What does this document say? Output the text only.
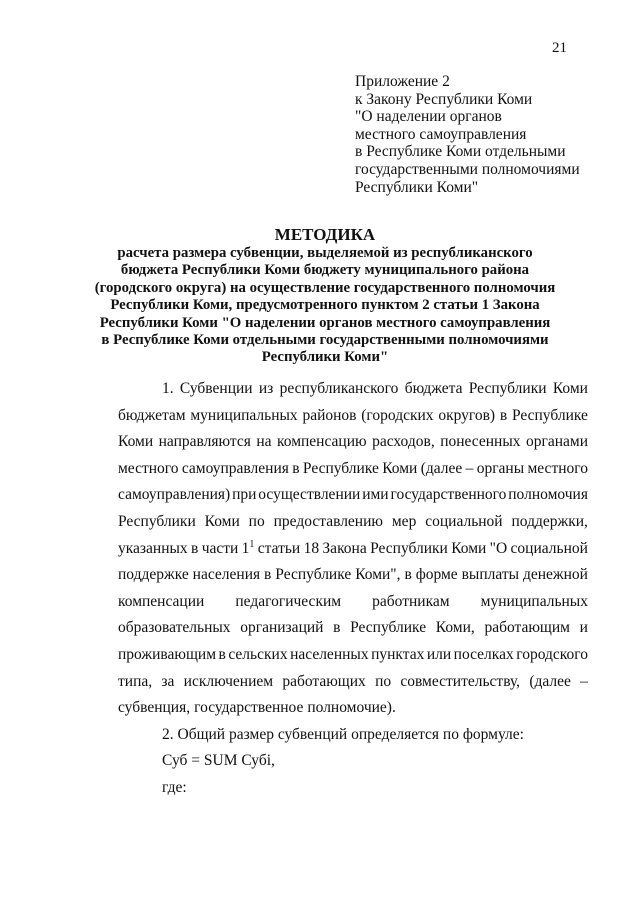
21
Приложение 2
к Закону Республики Коми
"О наделении органов
местного самоуправления
в Республике Коми отдельными
государственными полномочиями
Республики Коми"
МЕТОДИКА
расчета размера субвенции, выделяемой из республиканского
бюджета Республики Коми бюджету муниципального района
(городского округа) на осуществление государственного полномочия
Республики Коми, предусмотренного пунктом 2 статьи 1 Закона
Республики Коми "О наделении органов местного самоуправления
в Республике Коми отдельными государственными полномочиями
Республики Коми"
1. Субвенции из республиканского бюджета Республики Коми
бюджетам муниципальных районов (городских округов) в Республике
Коми направляются на компенсацию расходов, понесенных органами
местного самоуправления в Республике Коми (далее – органы местного
самоуправления) при осуществлении ими государственного полномочия
Республики Коми по предоставлению мер социальной поддержки,
указанных в части $1^1$ статьи 18 Закона Республики Коми "О социальной
поддержке населения в Республике Коми", в форме выплаты денежной
компенсации педагогическим работникам муниципальных
образовательных организаций в Республике Коми, работающим и
проживающим в сельских населенных пунктах или поселках городского
типа, за исключением работающих по совместительству, (далее –
субвенция, государственное полномочие).
2. Общий размер субвенций определяется по формуле:
Суб = SUM Субi,
где:
